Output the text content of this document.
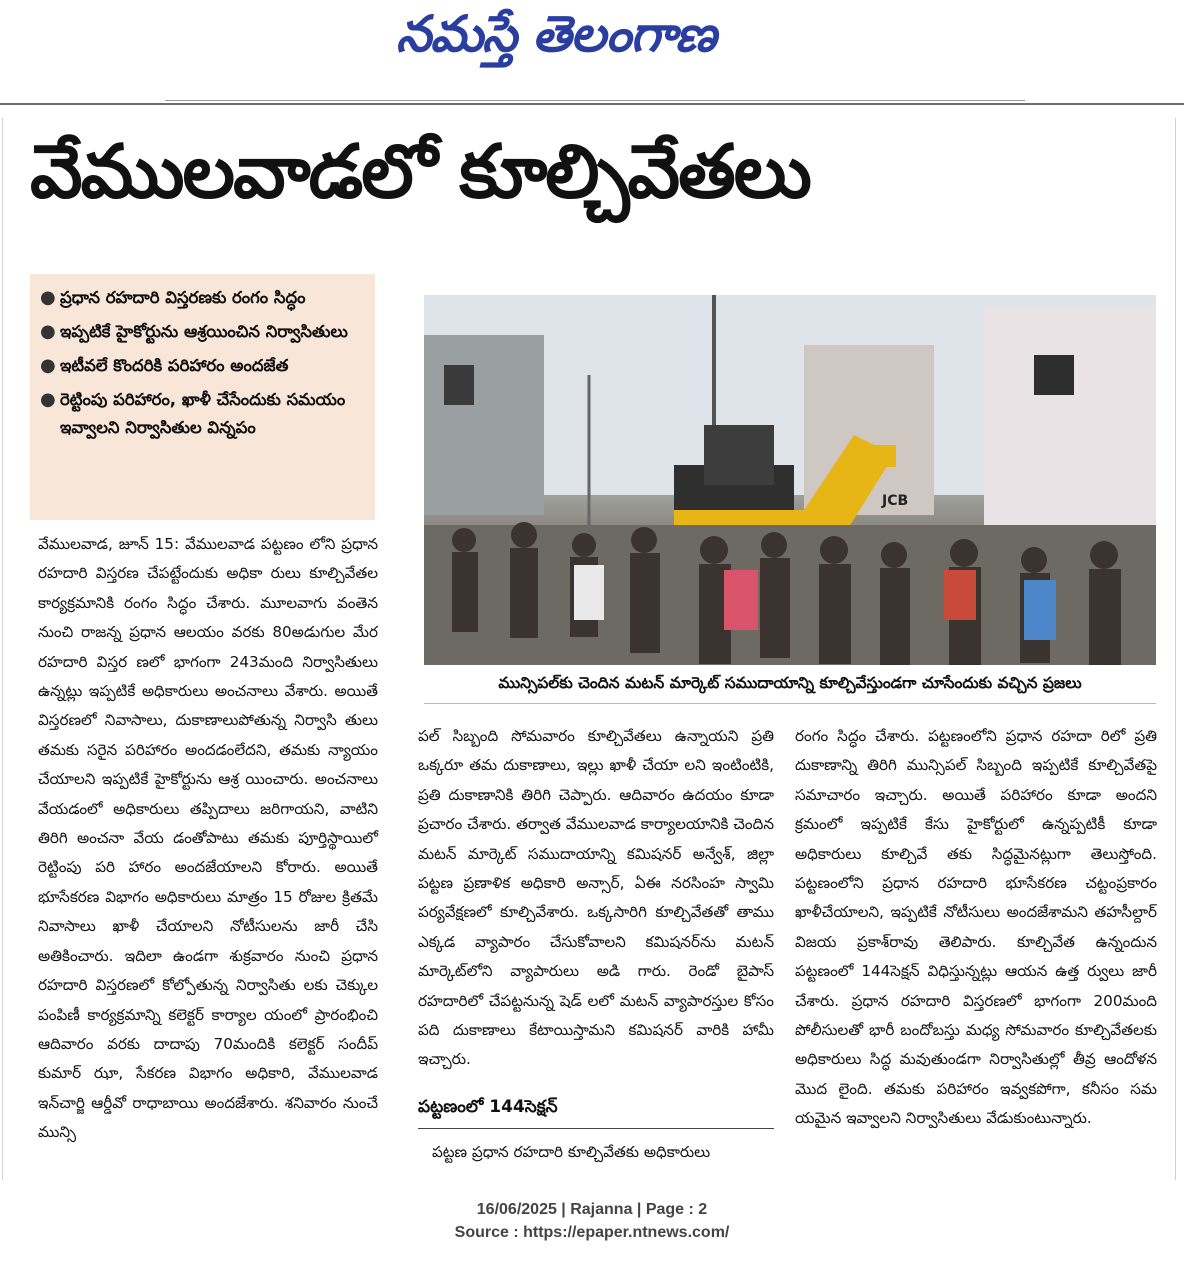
నమస్తే తెలంగాణ
వేములవాడలో కూల్చివేతలు
● ప్రధాన రహదారి విస్తరణకు రంగం సిద్ధం
● ఇప్పటికే హైకోర్టును ఆశ్రయించిన నిర్వాసితులు
● ఇటీవలే కొందరికి పరిహారం అందజేత
● రెట్టింపు పరిహారం, ఖాళీ చేసేందుకు సమయం ఇవ్వాలని నిర్వాసితుల విన్నపం

వేములవాడ, జూన్ 15: వేములవాడ పట్టణం లోని ప్రధాన రహదారి విస్తరణ చేపట్టేందుకు అధికా రులు కూల్చివేతల కార్యక్రమానికి రంగం సిద్ధం చేశారు. మూలవాగు వంతెన నుంచి రాజన్న ప్రధాన ఆలయం వరకు 80అడుగుల మేర రహదారి విస్తర ణలో భాగంగా 243మంది నిర్వాసితులు ఉన్నట్లు ఇప్పటికే అధికారులు అంచనాలు వేశారు. అయితే విస్తరణలో నివాసాలు, దుకాణాలుపోతున్న నిర్వాసి తులు తమకు సరైన పరిహారం అందడంలేదని, తమకు న్యాయం చేయాలని ఇప్పటికే హైకోర్టును ఆశ్ర యించారు. అంచనాలు వేయడంలో అధికారులు తప్పిదాలు జరిగాయని, వాటిని తిరిగి అంచనా వేయ డంతోపాటు తమకు పూర్తిస్థాయిలో రెట్టింపు పరి హారం అందజేయాలని కోరారు. అయితే భూసేకరణ విభాగం అధికారులు మాత్రం 15 రోజుల క్రితమే నివాసాలు ఖాళీ చేయాలని నోటీసులను జారీ చేసి అతికించారు. ఇదిలా ఉండగా శుక్రవారం నుంచి ప్రధాన రహదారి విస్తరణలో కోల్పోతున్న నిర్వాసితు లకు చెక్కుల పంపిణీ కార్యక్రమాన్ని కలెక్టర్ కార్యాల యంలో ప్రారంభించి ఆదివారం వరకు దాదాపు 70మందికి కలెక్టర్ సందీప్ కుమార్ ఝా, సేకరణ విభాగం అధికారి, వేములవాడ ఇన్‌చార్జి ఆర్డీవో రాధాబాయి అందజేశారు. శనివారం నుంచే మున్సి

JCB
మున్సిపల్‌కు చెందిన మటన్ మార్కెట్ సముదాయాన్ని కూల్చివేస్తుండగా చూసేందుకు వచ్చిన ప్రజలు

పల్ సిబ్బంది సోమవారం కూల్చివేతలు ఉన్నాయని ప్రతి ఒక్కరూ తమ దుకాణాలు, ఇల్లు ఖాళీ చేయా లని ఇంటింటికి, ప్రతి దుకాణానికి తిరిగి చెప్పారు. ఆదివారం ఉదయం కూడా ప్రచారం చేశారు. తర్వాత వేములవాడ కార్యాలయానికి చెందిన మటన్ మార్కెట్ సముదాయాన్ని కమిషనర్ అన్వేశ్, జిల్లా పట్టణ ప్రణాళిక అధికారి అన్సార్, ఏఈ నరసింహ స్వామి పర్యవేక్షణలో కూల్చివేశారు. ఒక్కసారిగి కూల్చివేతతో తాము ఎక్కడ వ్యాపారం చేసుకోవాలని కమిషనర్‌ను మటన్ మార్కెట్‌లోని వ్యాపారులు అడి గారు. రెండో బైపాస్ రహదారిలో చేపట్టనున్న షెడ్ లలో మటన్ వ్యాపారస్తుల కోసం పది దుకాణాలు కేటాయిస్తామని కమిషనర్ వారికి హామీ ఇచ్చారు.

పట్టణంలో 144సెక్షన్
పట్టణ ప్రధాన రహదారి కూల్చివేతకు అధికారులు

రంగం సిద్ధం చేశారు. పట్టణంలోని ప్రధాన రహదా రిలో ప్రతి దుకాణాన్ని తిరిగి మున్సిపల్ సిబ్బంది ఇప్పటికే కూల్చివేతపై సమాచారం ఇచ్చారు. అయితే పరిహారం కూడా అందని క్రమంలో ఇప్పటికే కేసు హైకోర్టులో ఉన్నప్పటికీ కూడా అధికారులు కూల్చివే తకు సిద్ధమైనట్లుగా తెలుస్తోంది. పట్టణంలోని ప్రధాన రహదారి భూసేకరణ చట్టంప్రకారం ఖాళీచేయాలని, ఇప్పటికే నోటీసులు అందజేశామని తహసీల్దార్ విజయ ప్రకాశ్‌రావు తెలిపారు. కూల్చివేత ఉన్నందున పట్టణంలో 144సెక్షన్ విధిస్తున్నట్లు ఆయన ఉత్త ర్వులు జారీ చేశారు. ప్రధాన రహదారి విస్తరణలో భాగంగా 200మంది పోలీసులతో భారీ బందోబస్తు మధ్య సోమవారం కూల్చివేతలకు అధికారులు సిద్ధ మవుతుండగా నిర్వాసితుల్లో తీవ్ర ఆందోళన మొద లైంది. తమకు పరిహారం ఇవ్వకపోగా, కనీసం సమ యమైన ఇవ్వాలని నిర్వాసితులు వేడుకుంటున్నారు.

16/06/2025 | Rajanna | Page : 2
Source : https://epaper.ntnews.com/
